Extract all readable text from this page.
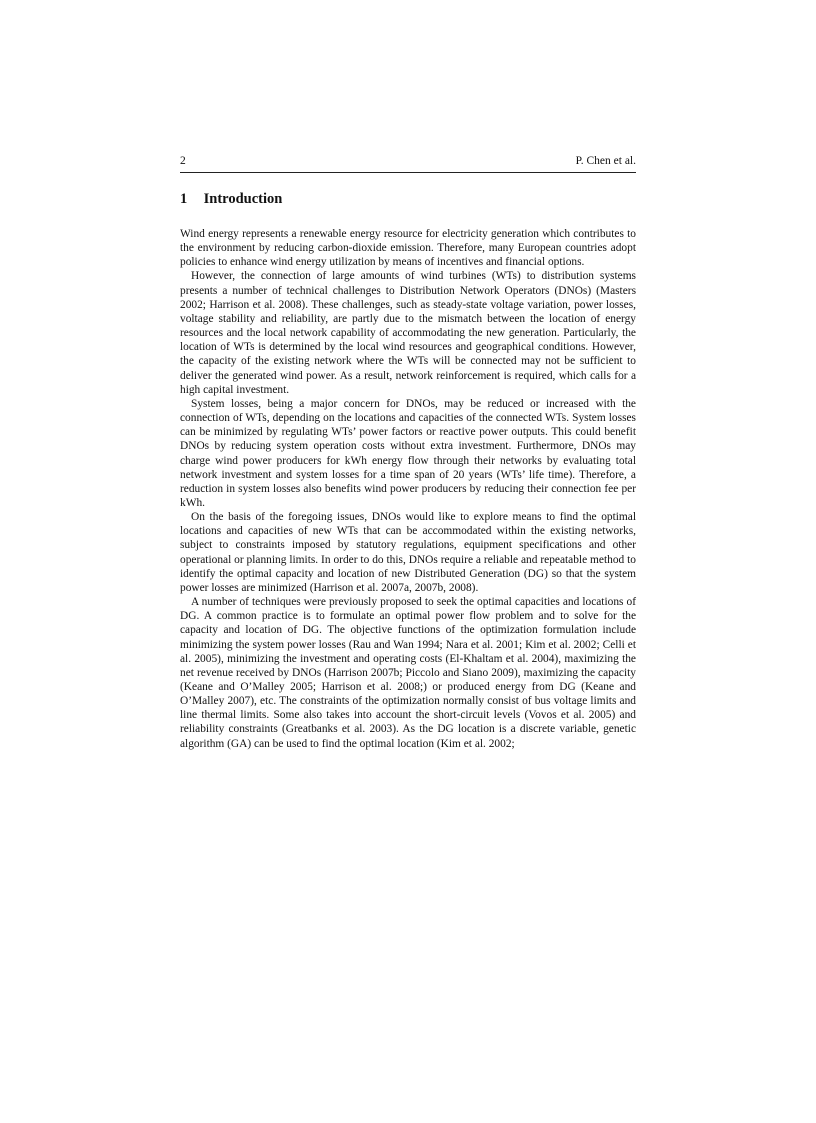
2	P. Chen et al.
1 Introduction

Wind energy represents a renewable energy resource for electricity generation which contributes to the environment by reducing carbon-dioxide emission. Therefore, many European countries adopt policies to enhance wind energy utilization by means of incentives and financial options.

However, the connection of large amounts of wind turbines (WTs) to distribution systems presents a number of technical challenges to Distribution Network Operators (DNOs) (Masters 2002; Harrison et al. 2008). These challenges, such as steady-state voltage variation, power losses, voltage stability and reliability, are partly due to the mismatch between the location of energy resources and the local network capability of accommodating the new generation. Particularly, the location of WTs is determined by the local wind resources and geographical conditions. However, the capacity of the existing network where the WTs will be connected may not be sufficient to deliver the generated wind power. As a result, network reinforcement is required, which calls for a high capital investment.

System losses, being a major concern for DNOs, may be reduced or increased with the connection of WTs, depending on the locations and capacities of the connected WTs. System losses can be minimized by regulating WTs’ power factors or reactive power outputs. This could benefit DNOs by reducing system operation costs without extra investment. Furthermore, DNOs may charge wind power producers for kWh energy flow through their networks by evaluating total network investment and system losses for a time span of 20 years (WTs’ life time). Therefore, a reduction in system losses also benefits wind power producers by reducing their connection fee per kWh.

On the basis of the foregoing issues, DNOs would like to explore means to find the optimal locations and capacities of new WTs that can be accommodated within the existing networks, subject to constraints imposed by statutory regulations, equipment specifications and other operational or planning limits. In order to do this, DNOs require a reliable and repeatable method to identify the optimal capacity and location of new Distributed Generation (DG) so that the system power losses are minimized (Harrison et al. 2007a, 2007b, 2008).

A number of techniques were previously proposed to seek the optimal capacities and locations of DG. A common practice is to formulate an optimal power flow problem and to solve for the capacity and location of DG. The objective functions of the optimization formulation include minimizing the system power losses (Rau and Wan 1994; Nara et al. 2001; Kim et al. 2002; Celli et al. 2005), minimizing the investment and operating costs (El-Khaltam et al. 2004), maximizing the net revenue received by DNOs (Harrison 2007b; Piccolo and Siano 2009), maximizing the capacity (Keane and O’Malley 2005; Harrison et al. 2008;) or produced energy from DG (Keane and O’Malley 2007), etc. The constraints of the optimization normally consist of bus voltage limits and line thermal limits. Some also takes into account the short-circuit levels (Vovos et al. 2005) and reliability constraints (Greatbanks et al. 2003). As the DG location is a discrete variable, genetic algorithm (GA) can be used to find the optimal location (Kim et al. 2002;
